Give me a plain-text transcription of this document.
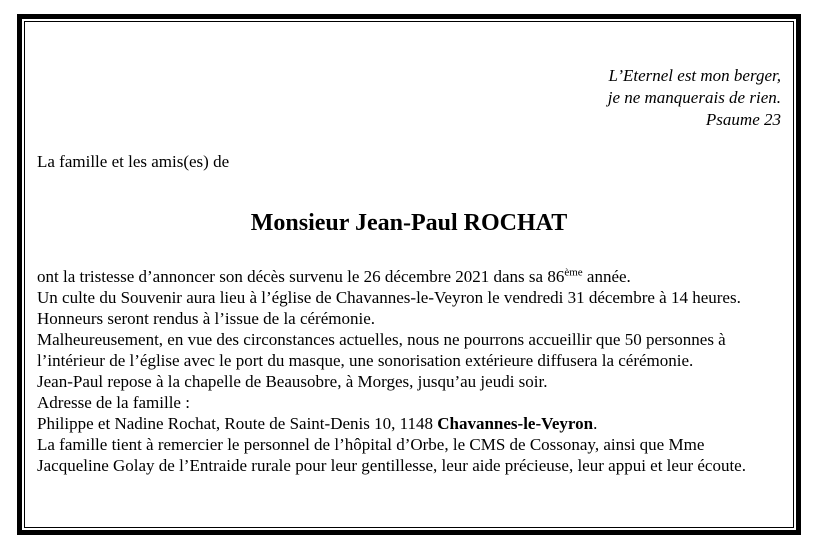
L’Eternel est mon berger,
je ne manquerais de rien.
Psaume 23
La famille et les amis(es) de
Monsieur Jean-Paul ROCHAT
ont la tristesse d’annoncer son décès survenu le 26 décembre 2021 dans sa 86ème année.
Un culte du Souvenir aura lieu à l’église de Chavannes-le-Veyron le vendredi 31 décembre à 14 heures.
Honneurs seront rendus à l’issue de la cérémonie.
Malheureusement, en vue des circonstances actuelles, nous ne pourrons accueillir que 50 personnes à
l’intérieur de l’église avec le port du masque, une sonorisation extérieure diffusera la cérémonie.
Jean-Paul repose à la chapelle de Beausobre, à Morges, jusqu’au jeudi soir.
Adresse de la famille :
Philippe et Nadine Rochat, Route de Saint-Denis 10, 1148 Chavannes-le-Veyron.
La famille tient à remercier le personnel de l’hôpital d’Orbe, le CMS de Cossonay, ainsi que Mme
Jacqueline Golay de l’Entraide rurale pour leur gentillesse, leur aide précieuse, leur appui et leur écoute.
